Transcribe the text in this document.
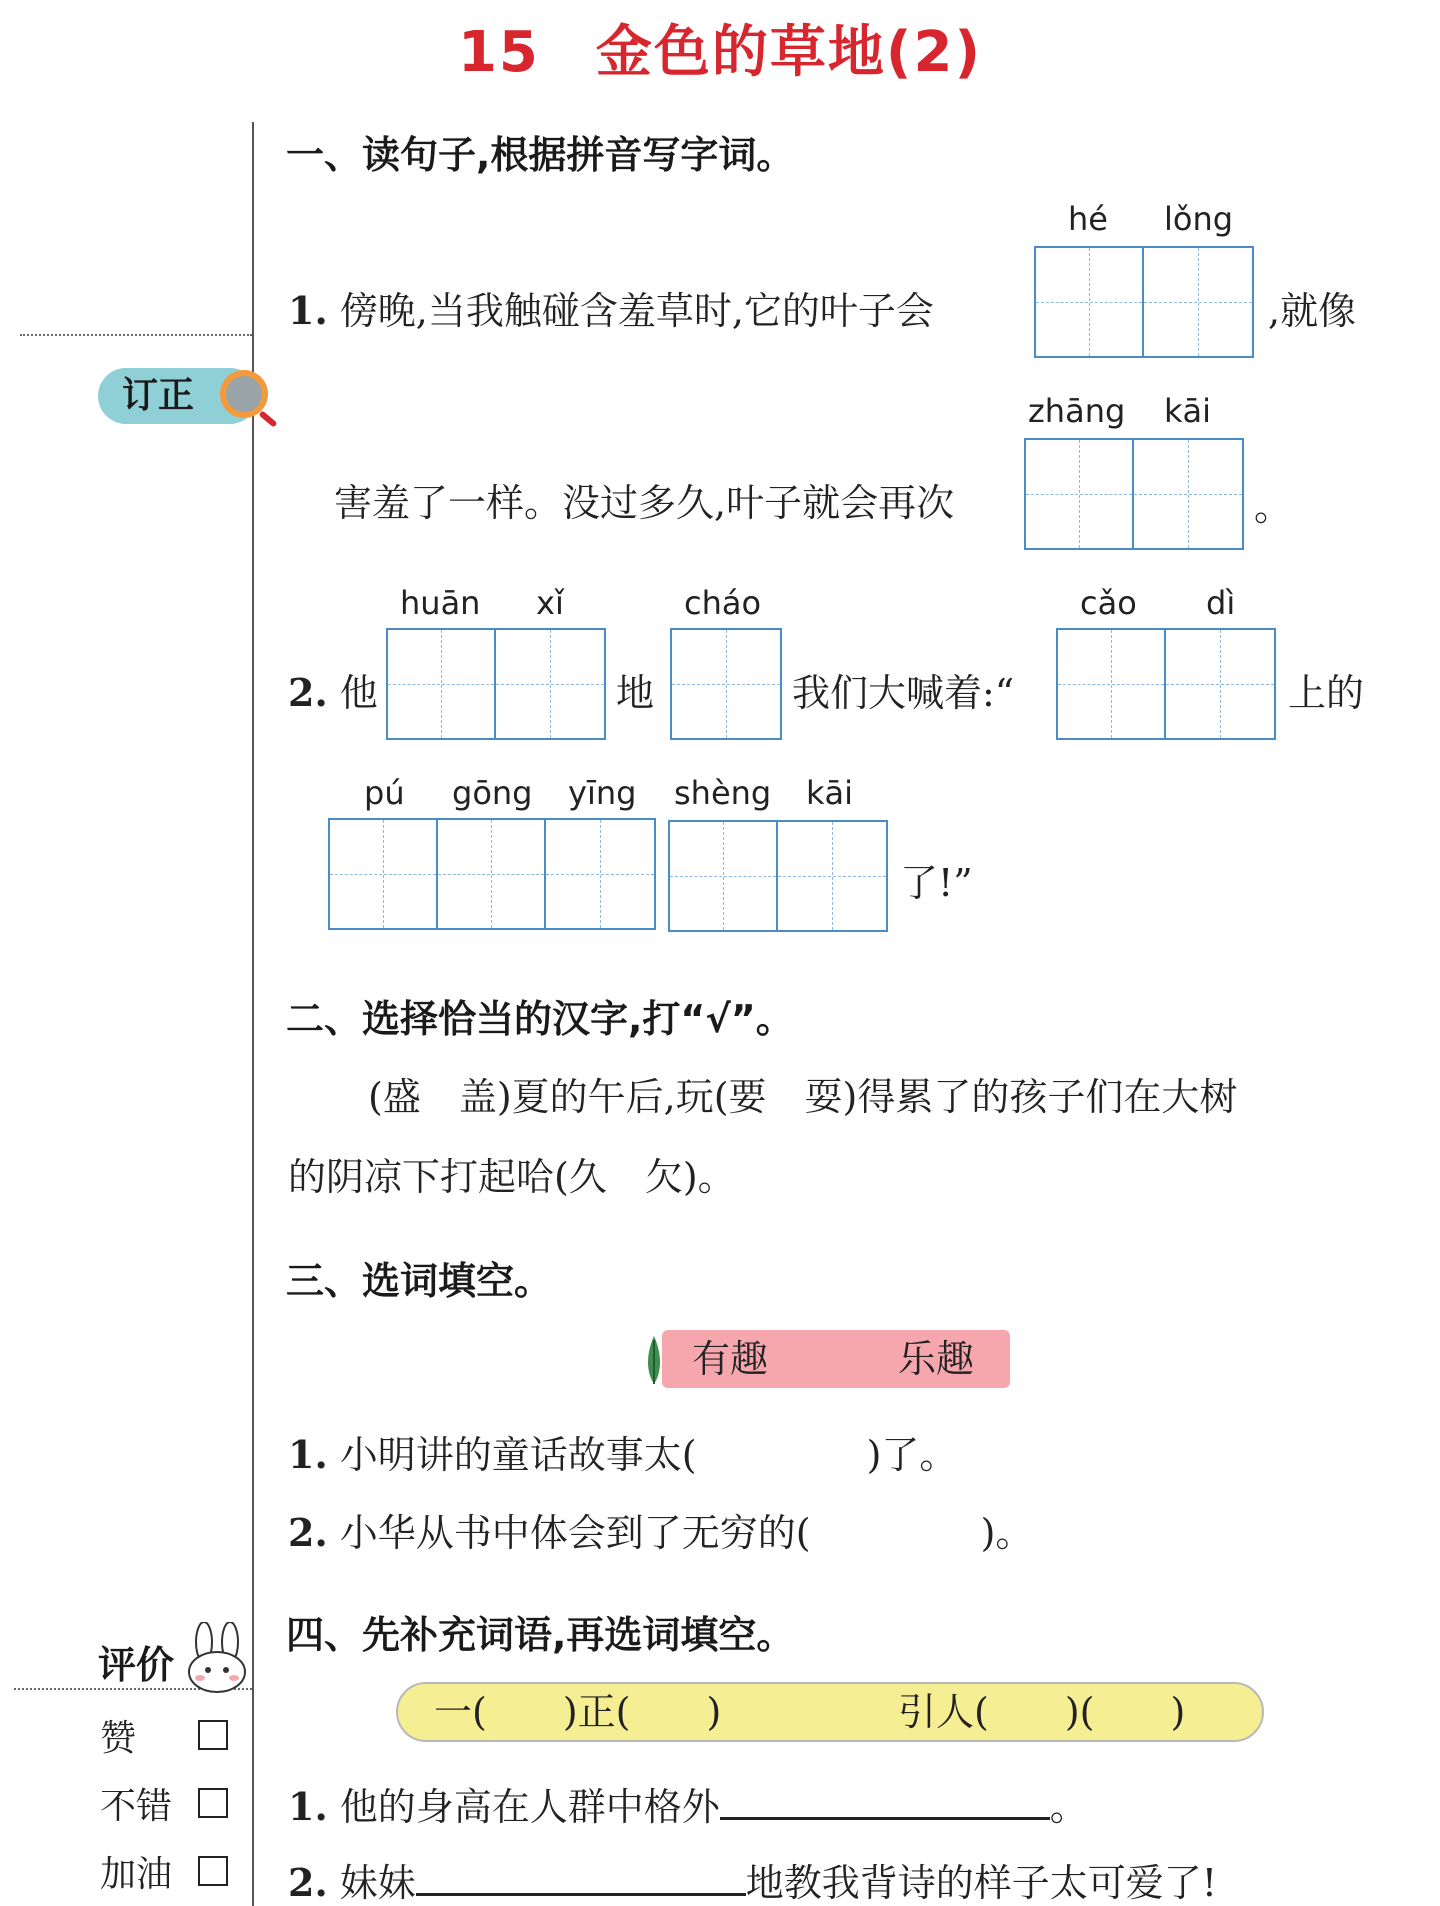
15 金色的草地(2)
订正
评价
赞
不错
加油
一、读句子,根据拼音写字词。
1. 傍晚,当我触碰含羞草时,它的叶子会
hé lǒng
,就像
害羞了一样。没过多久,叶子就会再次
zhāng kāi
。
2. 他
huān xǐ
地
cháo
我们大喊着:“
cǎo dì
上的
pú gōng yīng shèng kāi
了!”
二、选择恰当的汉字,打“√”。
(盛　盖)夏的午后,玩(要　耍)得累了的孩子们在大树
的阴凉下打起哈(久　欠)。
三、选词填空。
有趣	乐趣
1. 小明讲的童话故事太(	)了。
2. 小华从书中体会到了无穷的(	)。
四、先补充词语,再选词填空。
一(　　)正(　　)	引人(　　)(　　)
1. 他的身高在人群中格外	。
2. 妹妹	地教我背诗的样子太可爱了!
